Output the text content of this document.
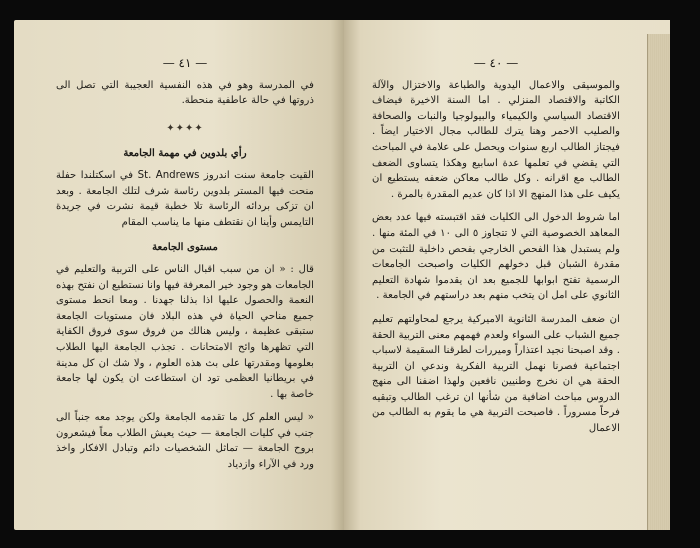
— ٤١ —

في المدرسة وهو في هذه النفسية العجيبة التي تصل الى ذروتها في حالة عاطفية منحطة.

✦✦✦✦
رأي بلدوين في مهمة الجامعة

القيت جامعة سنت اندروز St. Andrews في اسكتلندا حفلة منحت فيها المستر بلدوين رئاسة شرف لتلك الجامعة . وبعد ان تزكى بردائه الرئاسة تلا خطبة قيمة نشرت في جريدة التايمس وأينا ان نقتطف منها ما يناسب المقام

مستوى الجامعة

قال : « ان من سبب اقبال الناس على التربية والتعليم في الجامعات هو وجود خير المعرفة فيها وانا نستطيع ان نفتح بهذه النعمة والحصول عليها اذا بذلنا جهدنا . ومعا انحط مستوى جميع مناحي الحياة في هذه البلاد فان مستويات الجامعة ستبقى عظيمة ، وليس هنالك من فروق سوى فروق الكفاية التي تظهرها وائح الامتحانات . تجذب الجامعة اليها الطلاب بعلومها ومقدرتها على بث هذه العلوم ، ولا شك ان كل مدينة في بريطانيا العظمى تود ان استطاعت ان يكون لها جامعة خاصة بها .

« ليس العلم كل ما تقدمه الجامعة ولكن يوجد معه جنباً الى جنب في كليات الجامعة — حيث يعيش الطلاب معاً فيشعرون بروح الجامعة — تماثل الشخصيات دائم وتبادل الافكار واخذ ورد في الآراء وازدياد

— ٤٠ —

والموسيقى والاعمال اليدوية والطباعة والاختزال والآلة الكاتبة والاقتصاد المنزلي . اما السنة الاخيرة فيضاف الاقتصاد السياسي والكيمياء والبيولوجيا والنبات والصحافة والصليب الاحمر وهنا يترك للطالب مجال الاختيار ايضاً . فيجتاز الطالب اربع سنوات ويحصل على علامة في المباحث التي يقضي في تعلمها عدة اسابيع وهكذا يتساوى الضعف الطالب مع اقرانه . وكل طالب معاكن ضعفه يستطيع ان يكيف على هذا المنهج الا اذا كان عديم المقدرة بالمرة .

اما شروط الدخول الى الكليات فقد اقتبسته فيها عدد بعض المعاهد الخصوصية التي لا تتجاوز ٥ الى ١٠ في المئة منها . ولم يستبدل هذا الفحص الخارجي بفحص داخلية للتثبت من مقدرة الشبان قبل دخولهم الكليات واصبحت الجامعات الرسمية تفتح ابوابها للجميع بعد ان يقدموا شهادة التعليم الثانوي على امل ان يتخب منهم بعد دراستهم في الجامعة .

ان ضعف المدرسة الثانوية الاميركية يرجع لمحاولتهم تعليم جميع الشباب على السواء ولعدم فهمهم معنى التربية الحقة . وقد اصبحنا نجيد اعتذاراً وميررات لطرقنا السقيمة لاسباب اجتماعية فصرنا نهمل التربية الفكرية وندعي ان التربية الحقة هي ان نخرج وطنيين نافعين ولهذا اضفنا الى منهج الدروس مباحث اضافية من شأنها ان ترغب الطالب وتبقيه فرحاً مسروراً . فاصبحت التربية هي ما يقوم به الطالب من الاعمال
